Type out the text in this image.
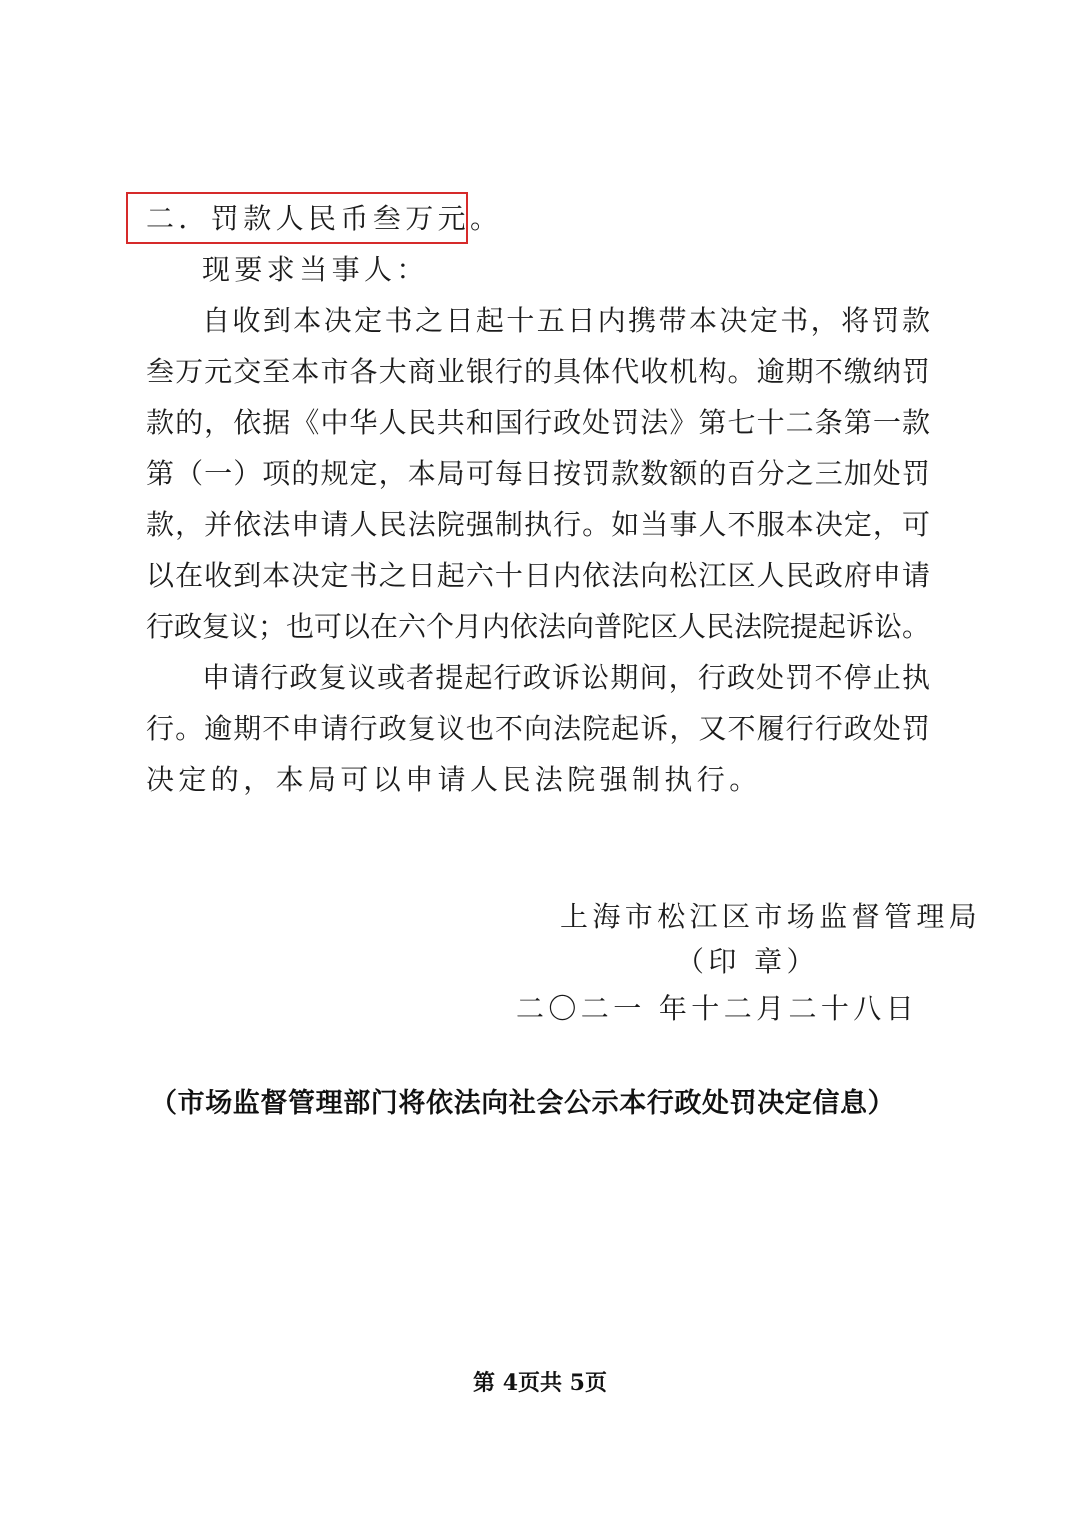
二．罚款人民币叁万元。
现要求当事人：
自收到本决定书之日起十五日内携带本决定书，将罚款
叁万元交至本市各大商业银行的具体代收机构。逾期不缴纳罚
款的，依据《中华人民共和国行政处罚法》第七十二条第一款
第（一）项的规定，本局可每日按罚款数额的百分之三加处罚
款，并依法申请人民法院强制执行。如当事人不服本决定，可
以在收到本决定书之日起六十日内依法向松江区人民政府申请
行政复议；也可以在六个月内依法向普陀区人民法院提起诉讼。
申请行政复议或者提起行政诉讼期间，行政处罚不停止执
行。逾期不申请行政复议也不向法院起诉，又不履行行政处罚
决定的，本局可以申请人民法院强制执行。
上海市松江区市场监督管理局
（印 章）
二〇二一 年十二月二十八日
（市场监督管理部门将依法向社会公示本行政处罚决定信息）
第 4页共 5页
